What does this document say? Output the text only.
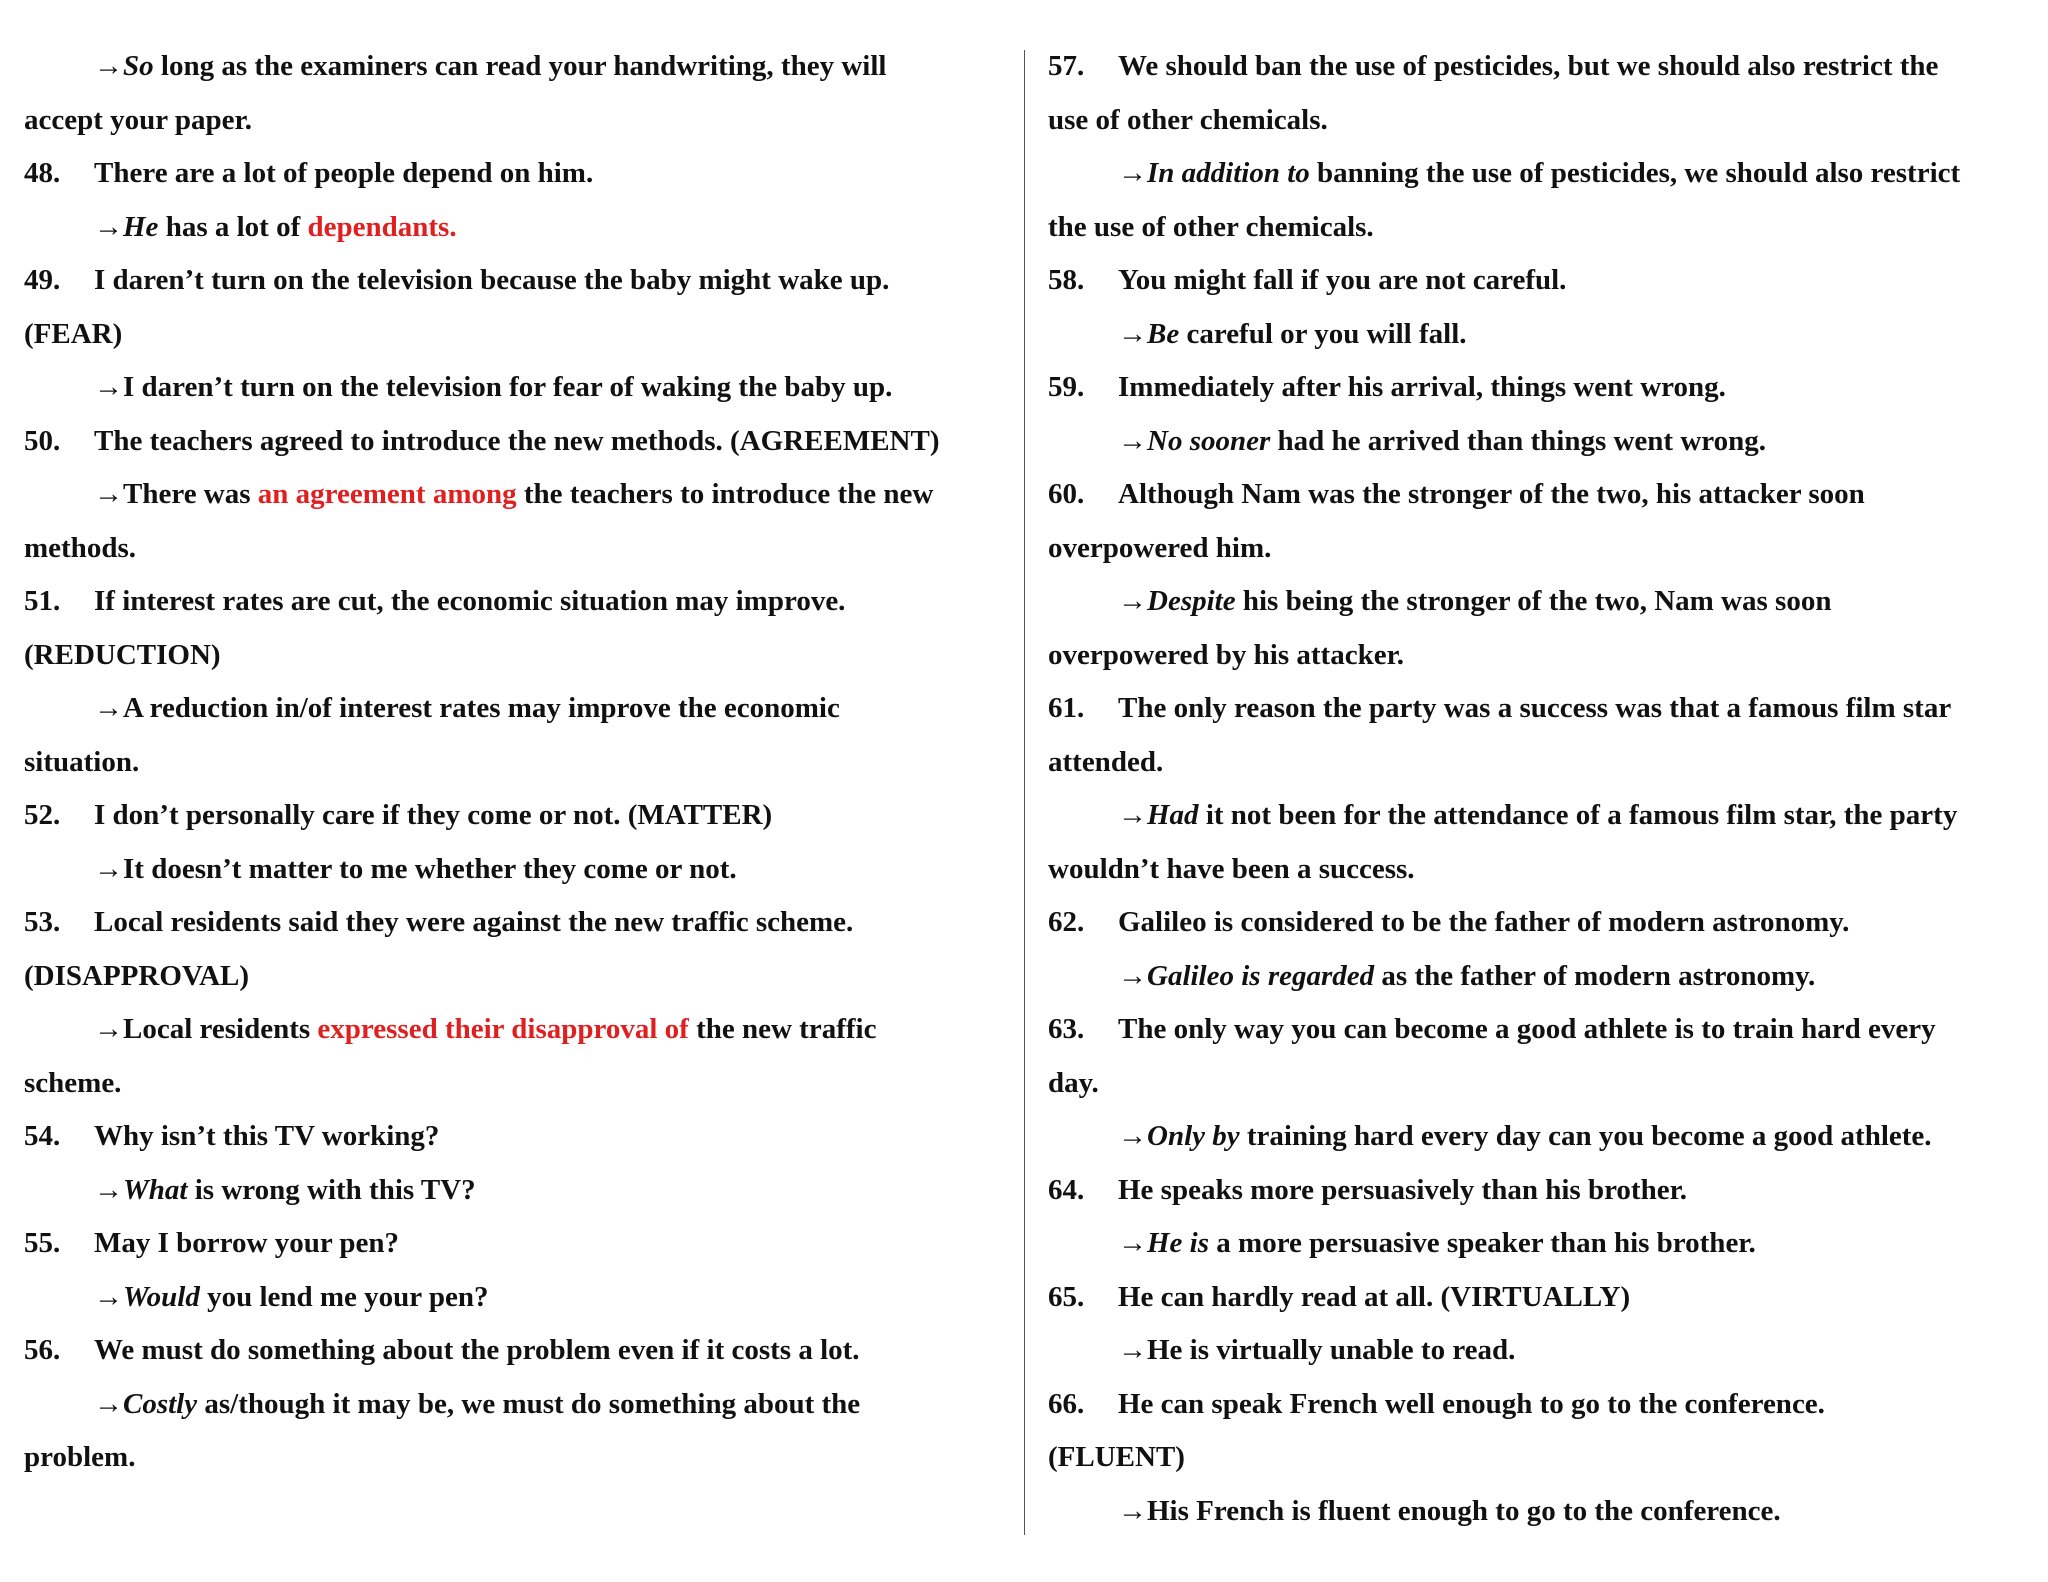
→So long as the examiners can read your handwriting, they will
accept your paper.
48. There are a lot of people depend on him.
→He has a lot of dependants.
49. I daren’t turn on the television because the baby might wake up.
(FEAR)
→I daren’t turn on the television for fear of waking the baby up.
50. The teachers agreed to introduce the new methods. (AGREEMENT)
→There was an agreement among the teachers to introduce the new
methods.
51. If interest rates are cut, the economic situation may improve.
(REDUCTION)
→A reduction in/of interest rates may improve the economic
situation.
52. I don’t personally care if they come or not. (MATTER)
→It doesn’t matter to me whether they come or not.
53. Local residents said they were against the new traffic scheme.
(DISAPPROVAL)
→Local residents expressed their disapproval of the new traffic
scheme.
54. Why isn’t this TV working?
→What is wrong with this TV?
55. May I borrow your pen?
→Would you lend me your pen?
56. We must do something about the problem even if it costs a lot.
→Costly as/though it may be, we must do something about the
problem.
57. We should ban the use of pesticides, but we should also restrict the
use of other chemicals.
→In addition to banning the use of pesticides, we should also restrict
the use of other chemicals.
58. You might fall if you are not careful.
→Be careful or you will fall.
59. Immediately after his arrival, things went wrong.
→No sooner had he arrived than things went wrong.
60. Although Nam was the stronger of the two, his attacker soon
overpowered him.
→Despite his being the stronger of the two, Nam was soon
overpowered by his attacker.
61. The only reason the party was a success was that a famous film star
attended.
→Had it not been for the attendance of a famous film star, the party
wouldn’t have been a success.
62. Galileo is considered to be the father of modern astronomy.
→Galileo is regarded as the father of modern astronomy.
63. The only way you can become a good athlete is to train hard every
day.
→Only by training hard every day can you become a good athlete.
64. He speaks more persuasively than his brother.
→He is a more persuasive speaker than his brother.
65. He can hardly read at all. (VIRTUALLY)
→He is virtually unable to read.
66. He can speak French well enough to go to the conference.
(FLUENT)
→His French is fluent enough to go to the conference.
